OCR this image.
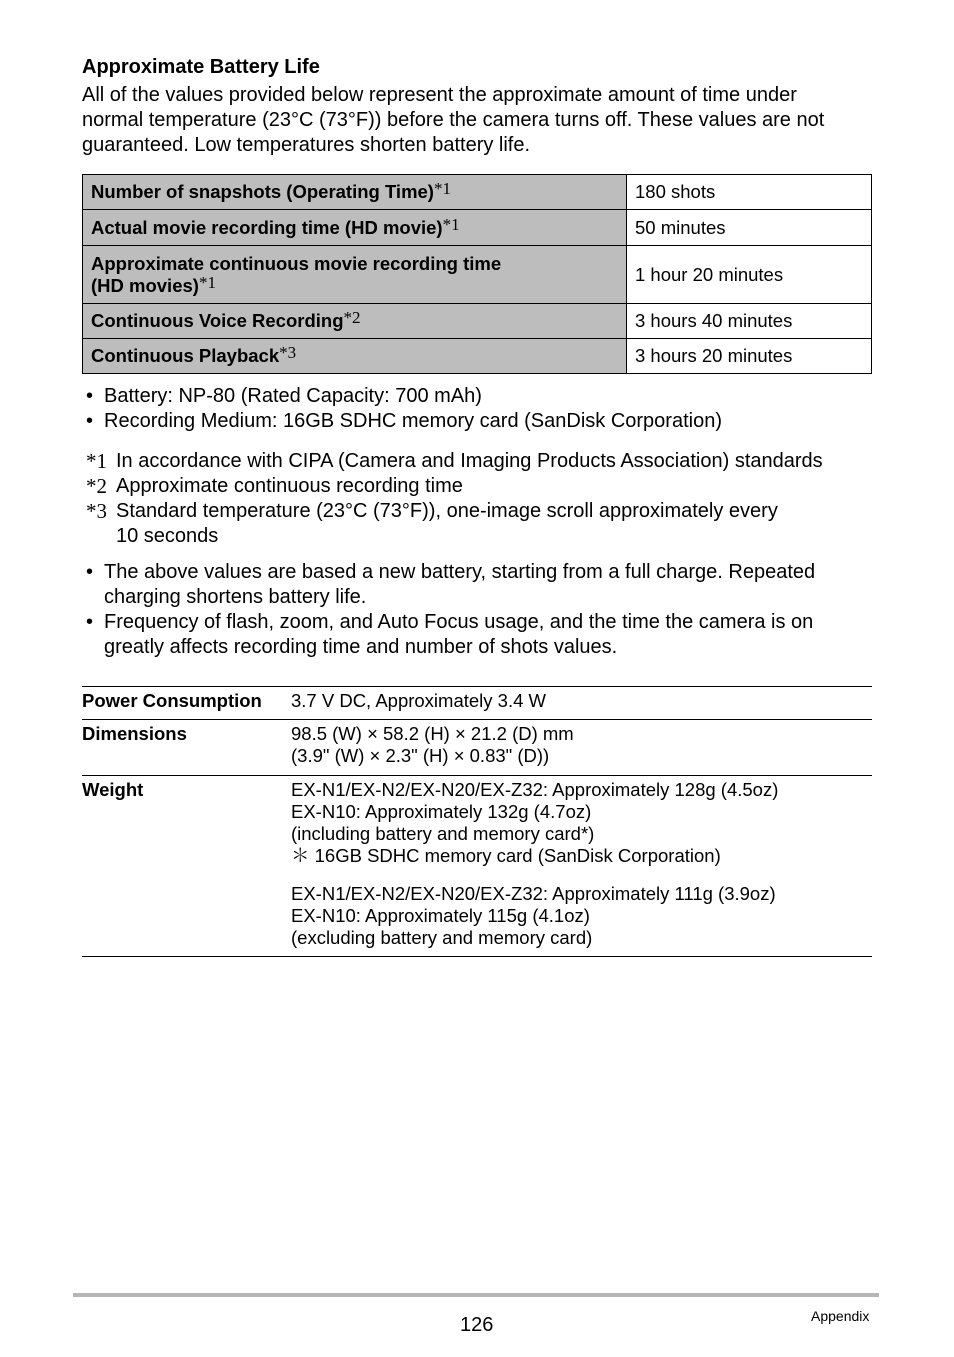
Approximate Battery Life
All of the values provided below represent the approximate amount of time under
normal temperature (23°C (73°F)) before the camera turns off. These values are not
guaranteed. Low temperatures shorten battery life.
Number of snapshots (Operating Time)$^{*1}$	180 shots
Actual movie recording time (HD movie)$^{*1}$	50 minutes
Approximate continuous movie recording time
(HD movies)$^{*1}$	1 hour 20 minutes
Continuous Voice Recording$^{*2}$	3 hours 40 minutes
Continuous Playback$^{*3}$	3 hours 20 minutes
• Battery: NP-80 (Rated Capacity: 700 mAh)
• Recording Medium: 16GB SDHC memory card (SanDisk Corporation)
*1 In accordance with CIPA (Camera and Imaging Products Association) standards
*2 Approximate continuous recording time
*3 Standard temperature (23°C (73°F)), one-image scroll approximately every
10 seconds
• The above values are based a new battery, starting from a full charge. Repeated
charging shortens battery life.
• Frequency of flash, zoom, and Auto Focus usage, and the time the camera is on
greatly affects recording time and number of shots values.
Power Consumption 3.7 V DC, Approximately 3.4 W
Dimensions	98.5 (W) × 58.2 (H) × 21.2 (D) mm
(3.9" (W) × 2.3" (H) × 0.83" (D))
Weight	EX-N1/EX-N2/EX-N20/EX-Z32: Approximately 128g (4.5oz)
EX-N10: Approximately 132g (4.7oz)
(including battery and memory card*)
＊ 16GB SDHC memory card (SanDisk Corporation)
EX-N1/EX-N2/EX-N20/EX-Z32: Approximately 111g (3.9oz)
EX-N10: Approximately 115g (4.1oz)
(excluding battery and memory card)
126	Appendix
